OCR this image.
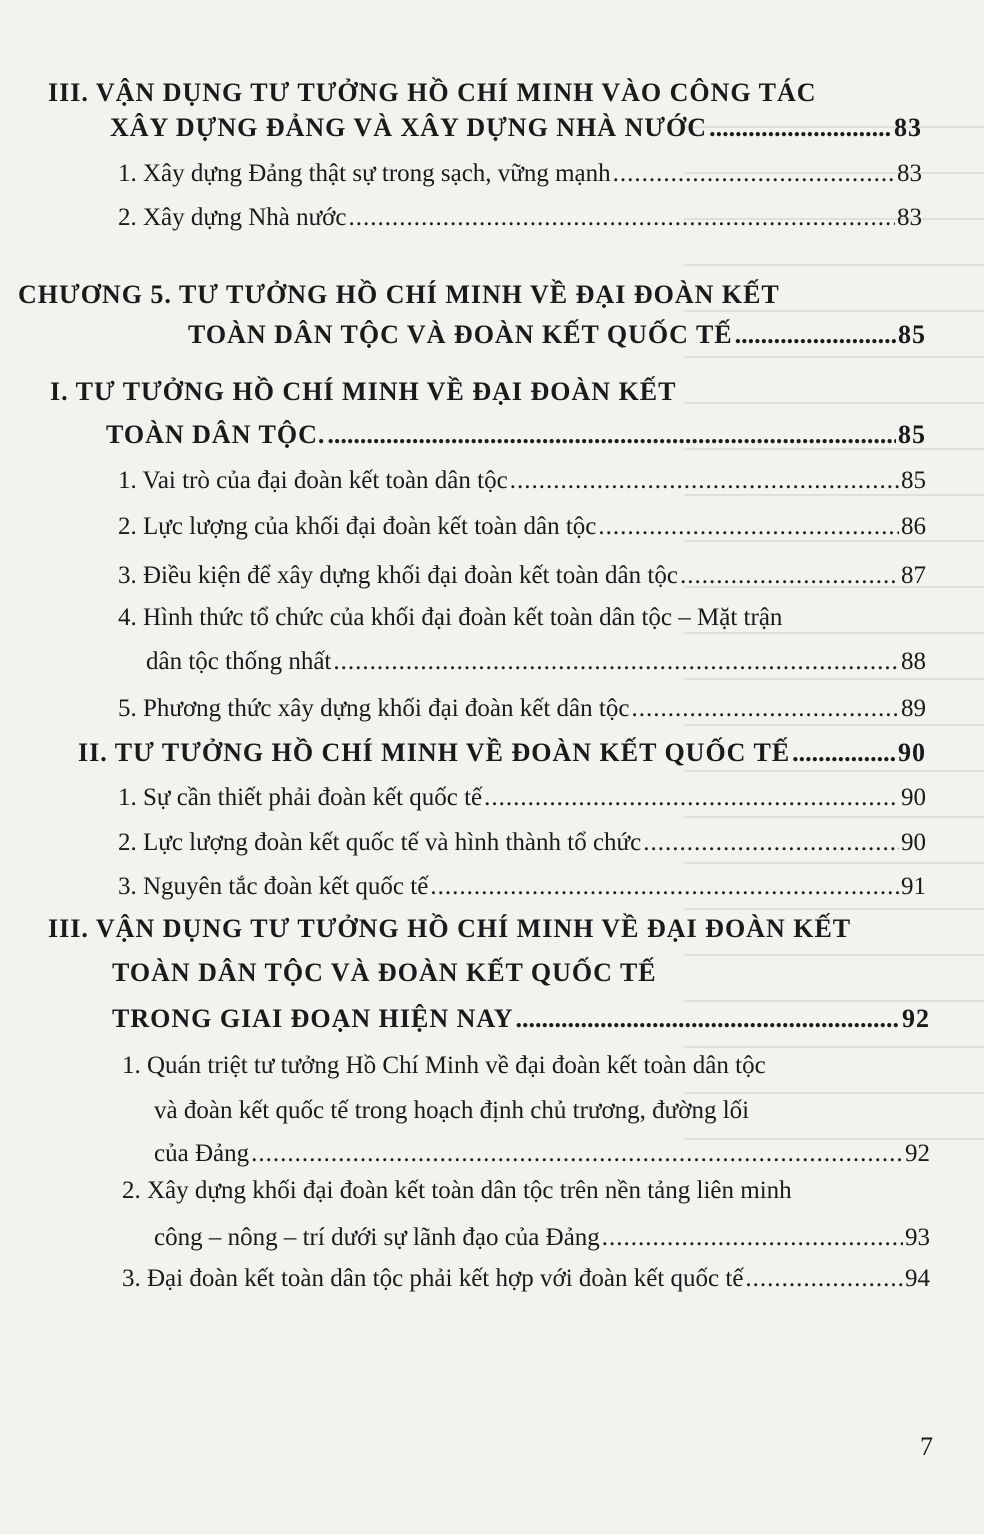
III. VẬN DỤNG TƯ TƯỞNG HỒ CHÍ MINH VÀO CÔNG TÁC
XÂY DỰNG ĐẢNG VÀ XÂY DỰNG NHÀ NƯỚC .....	83
1. Xây dựng Đảng thật sự trong sạch, vững mạnh .....	83
2. Xây dựng Nhà nước .....	83
CHƯƠNG 5. TƯ TƯỞNG HỒ CHÍ MINH VỀ ĐẠI ĐOÀN KẾT
TOÀN DÂN TỘC VÀ ĐOÀN KẾT QUỐC TẾ .....	85
I. TƯ TƯỞNG HỒ CHÍ MINH VỀ ĐẠI ĐOÀN KẾT
TOÀN DÂN TỘC. .....	85
1. Vai trò của đại đoàn kết toàn dân tộc .....	85
2. Lực lượng của khối đại đoàn kết toàn dân tộc .....	86
3. Điều kiện để xây dựng khối đại đoàn kết toàn dân tộc .....	87
4. Hình thức tổ chức của khối đại đoàn kết toàn dân tộc – Mặt trận
dân tộc thống nhất .....	88
5. Phương thức xây dựng khối đại đoàn kết dân tộc .....	89
II. TƯ TƯỞNG HỒ CHÍ MINH VỀ ĐOÀN KẾT QUỐC TẾ .....	90
1. Sự cần thiết phải đoàn kết quốc tế .....	90
2. Lực lượng đoàn kết quốc tế và hình thành tổ chức .....	90
3. Nguyên tắc đoàn kết quốc tế .....	91
III. VẬN DỤNG TƯ TƯỞNG HỒ CHÍ MINH VỀ ĐẠI ĐOÀN KẾT
TOÀN DÂN TỘC VÀ ĐOÀN KẾT QUỐC TẾ
TRONG GIAI ĐOẠN HIỆN NAY .....	92
1. Quán triệt tư tưởng Hồ Chí Minh về đại đoàn kết toàn dân tộc
và đoàn kết quốc tế trong hoạch định chủ trương, đường lối
của Đảng .....	92
2. Xây dựng khối đại đoàn kết toàn dân tộc trên nền tảng liên minh
công – nông – trí dưới sự lãnh đạo của Đảng .....	93
3. Đại đoàn kết toàn dân tộc phải kết hợp với đoàn kết quốc tế .....	94
7
